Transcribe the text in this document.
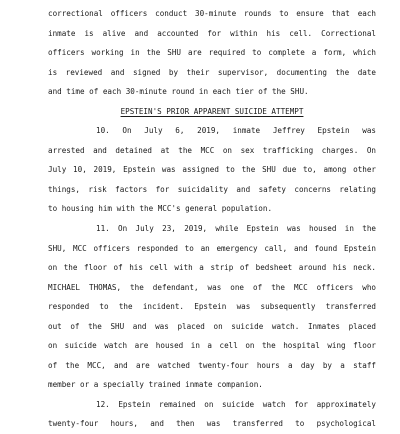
correctional officers conduct 30-minute rounds to ensure that each
inmate is alive and accounted for within his cell. Correctional
officers working in the SHU are required to complete a form, which
is reviewed and signed by their supervisor, documenting the date
and time of each 30-minute round in each tier of the SHU.
EPSTEIN'S PRIOR APPARENT SUICIDE ATTEMPT
10. On July 6, 2019, inmate Jeffrey Epstein was
arrested and detained at the MCC on sex trafficking charges. On
July 10, 2019, Epstein was assigned to the SHU due to, among other
things, risk factors for suicidality and safety concerns relating
to housing him with the MCC's general population.
11. On July 23, 2019, while Epstein was housed in the
SHU, MCC officers responded to an emergency call, and found Epstein
on the floor of his cell with a strip of bedsheet around his neck.
MICHAEL THOMAS, the defendant, was one of the MCC officers who
responded to the incident. Epstein was subsequently transferred
out of the SHU and was placed on suicide watch. Inmates placed
on suicide watch are housed in a cell on the hospital wing floor
of the MCC, and are watched twenty-four hours a day by a staff
member or a specially trained inmate companion.
12. Epstein remained on suicide watch for approximately
twenty-four hours, and then was transferred to psychological
